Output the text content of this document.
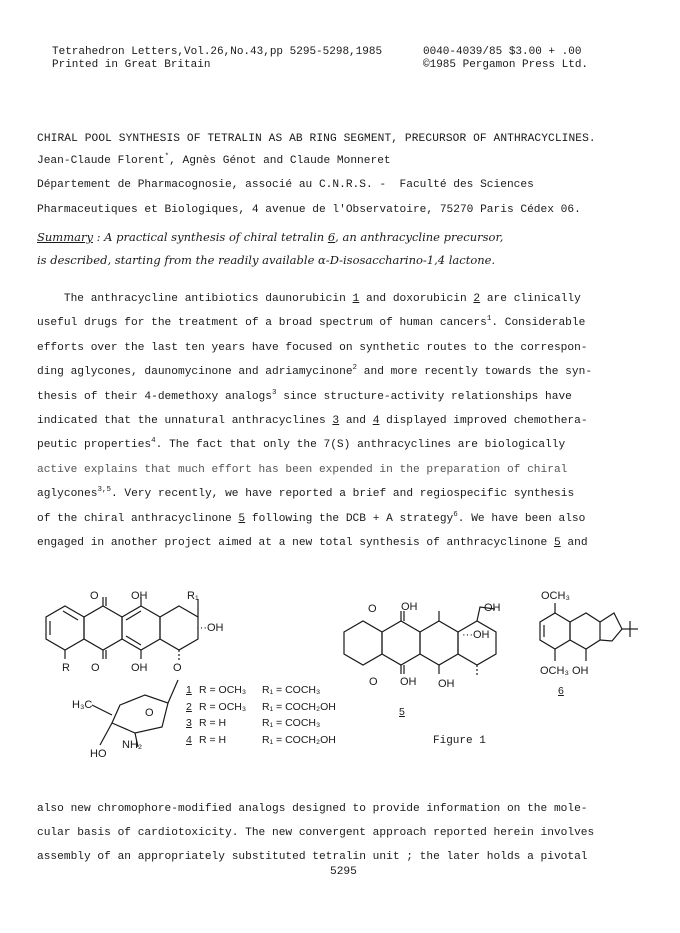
Tetrahedron Letters,Vol.26,No.43,pp 5295-5298,1985
Printed in Great Britain
0040-4039/85 $3.00 + .00
©1985 Pergamon Press Ltd.
CHIRAL POOL SYNTHESIS OF TETRALIN AS AB RING SEGMENT, PRECURSOR OF ANTHRACYCLINES.
Jean-Claude Florent*, Agnès Génot and Claude Monneret
Département de Pharmacognosie, associé au C.N.R.S. -  Faculté des Sciences
Pharmaceutiques et Biologiques, 4 avenue de l'Observatoire, 75270 Paris Cédex 06.
Summary : A practical synthesis of chiral tetralin 6, an anthracycline precursor,
is described, starting from the readily available α-D-isosaccharino-1,4 lactone.
The anthracycline antibiotics daunorubicin 1 and doxorubicin 2 are clinically
useful drugs for the treatment of a broad spectrum of human cancers$^1$. Considerable
efforts over the last ten years have focused on synthetic routes to the correspon-
ding aglycones, daunomycinone and adriamycinone$^2$ and more recently towards the syn-
thesis of their 4-demethoxy analogs$^3$ since structure-activity relationships have
indicated that the unnatural anthracyclines 3 and 4 displayed improved chemothera-
peutic properties$^4$. The fact that only the 7(S) anthracyclines are biologically
active explains that much effort has been expended in the preparation of chiral
aglycones$^{3,5}$. Very recently, we have reported a brief and regiospecific synthesis
of the chiral anthracyclinone 5 following the DCB + A strategy$^6$. We have been also
engaged in another project aimed at a new total synthesis of anthracyclinone 5 and
O	OH	R₁
···OH
R O	OH O
H₃C
O
NH₂
HO
1 R = OCH₃ R₁ = COCH₃
2 R = OCH₃ R₁ = COCH₂OH
3 R = H	R₁ = COCH₃
4 R = H	R₁ = COCH₂OH
O OH	OH
···OH
O OH OH
5
OCH₃
OCH₃ OH
6
Figure 1
also new chromophore-modified analogs designed to provide information on the mole-
cular basis of cardiotoxicity. The new convergent approach reported herein involves
assembly of an appropriately substituted tetralin unit ; the later holds a pivotal
5295
